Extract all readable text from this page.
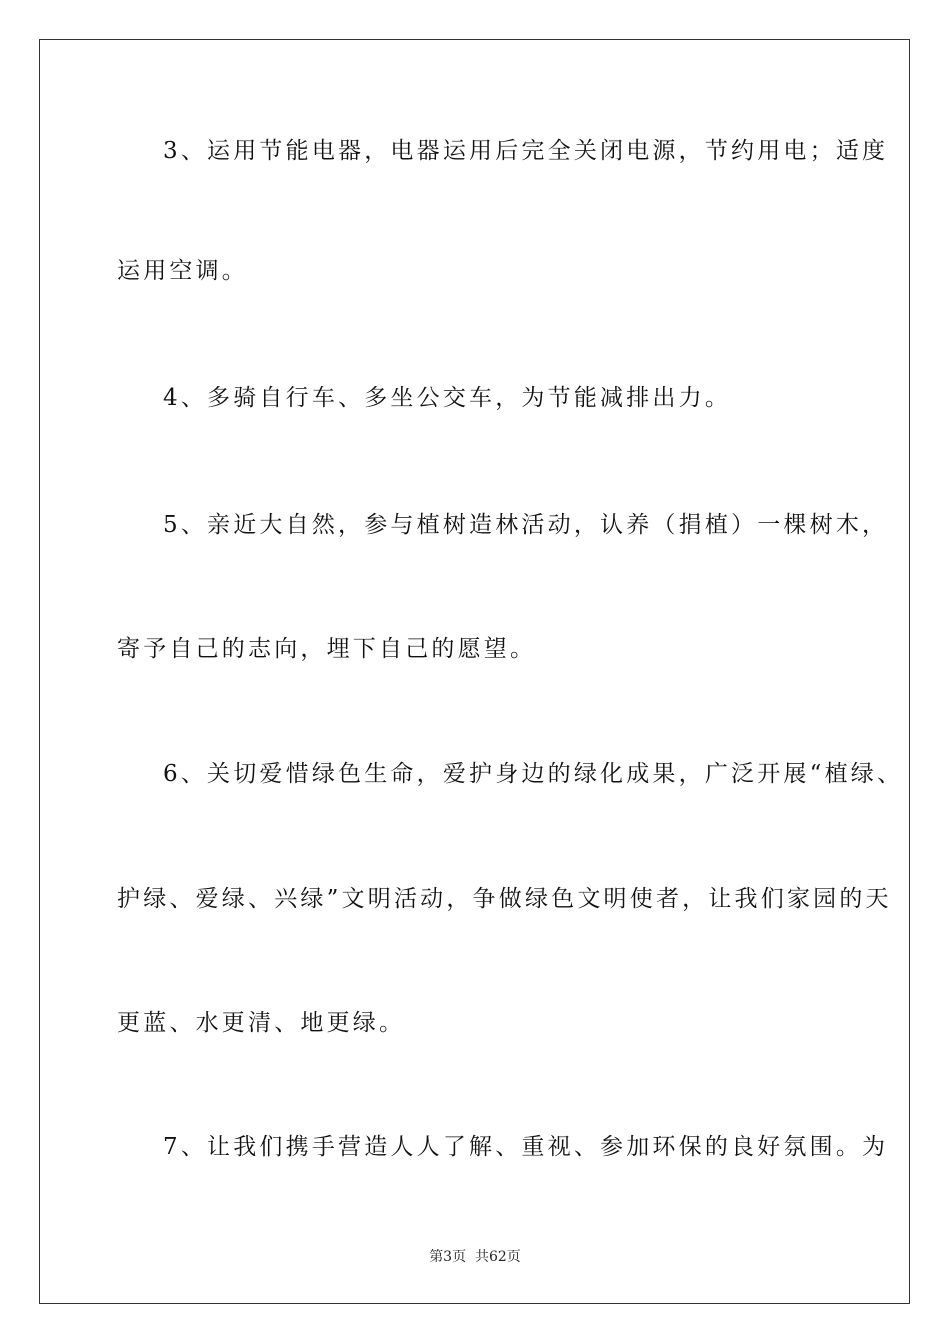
3、运用节能电器，电器运用后完全关闭电源，节约用电；适度
运用空调。
4、多骑自行车、多坐公交车，为节能减排出力。
5、亲近大自然，参与植树造林活动，认养（捐植）一棵树木，
寄予自己的志向，埋下自己的愿望。
6、关切爱惜绿色生命，爱护身边的绿化成果，广泛开展“植绿、
护绿、爱绿、兴绿”文明活动，争做绿色文明使者，让我们家园的天
更蓝、水更清、地更绿。
7、让我们携手营造人人了解、重视、参加环保的良好氛围。为
第3页  共62页
